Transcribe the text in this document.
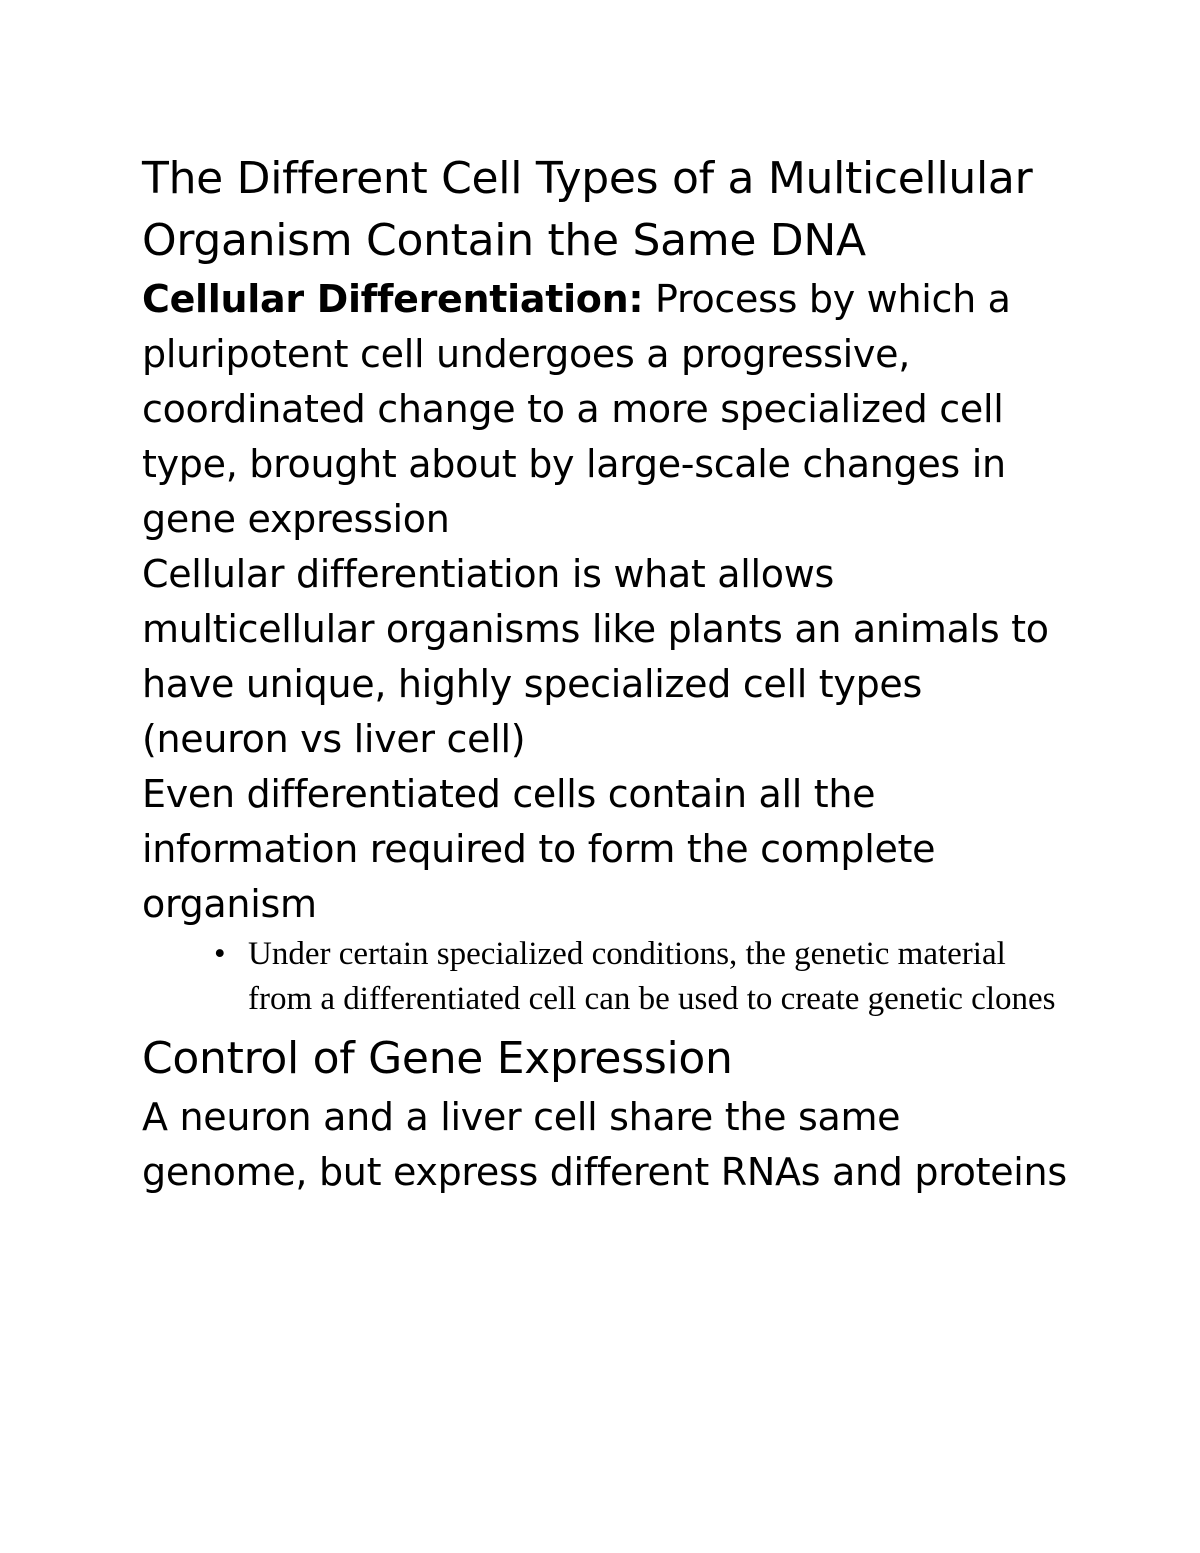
The Different Cell Types of a Multicellular Organism Contain the Same DNA

Cellular Differentiation: Process by which a pluripotent cell undergoes a progressive, coordinated change to a more specialized cell type, brought about by large-scale changes in gene expression

Cellular differentiation is what allows multicellular organisms like plants an animals to have unique, highly specialized cell types (neuron vs liver cell)

Even differentiated cells contain all the information required to form the complete organism

• Under certain specialized conditions, the genetic material from a differentiated cell can be used to create genetic clones
Control of Gene Expression

A neuron and a liver cell share the same genome, but express different RNAs and proteins
